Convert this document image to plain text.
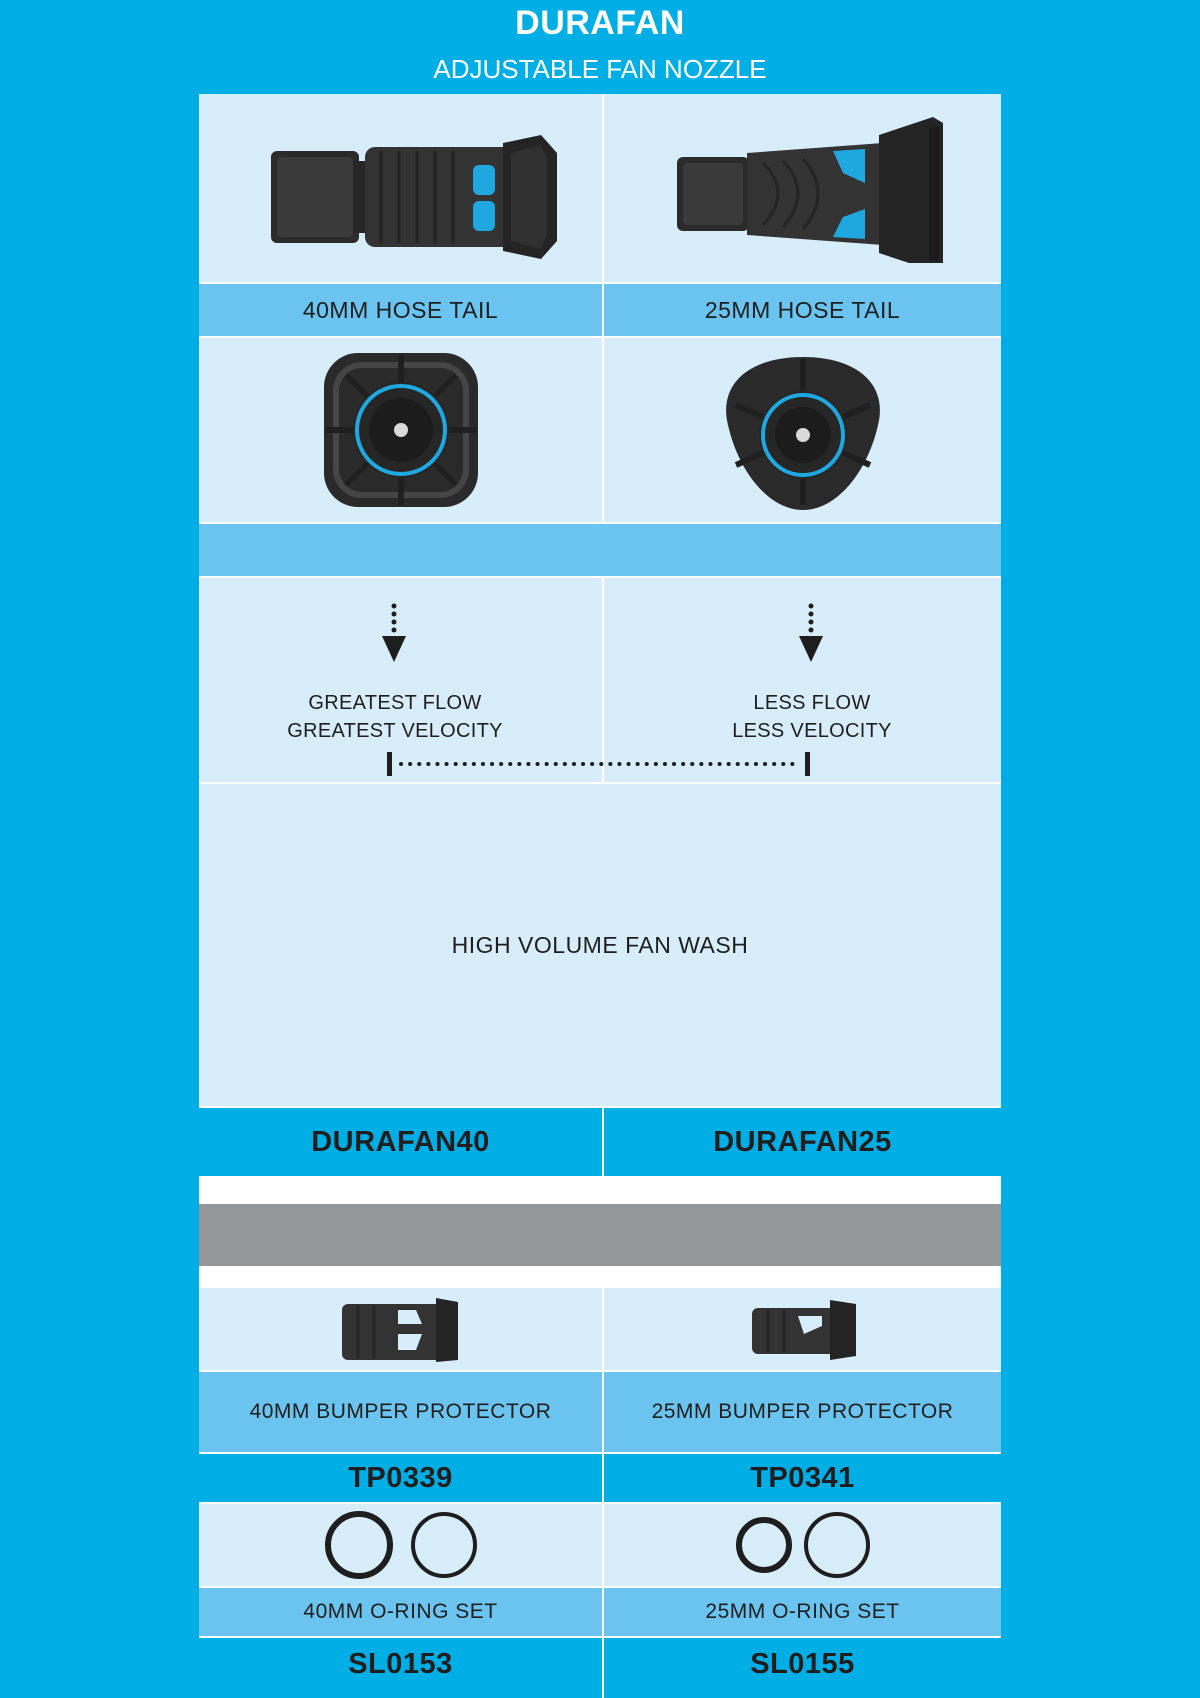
DURAFAN
ADJUSTABLE FAN NOZZLE
40MM HOSE TAIL	25MM HOSE TAIL
GREATEST FLOW
GREATEST VELOCITY
LESS FLOW
LESS VELOCITY
HIGH VOLUME FAN WASH
DURAFAN40	DURAFAN25
40MM BUMPER PROTECTOR	25MM BUMPER PROTECTOR
TP0339	TP0341
40MM O-RING SET	25MM O-RING SET
SL0153	SL0155
